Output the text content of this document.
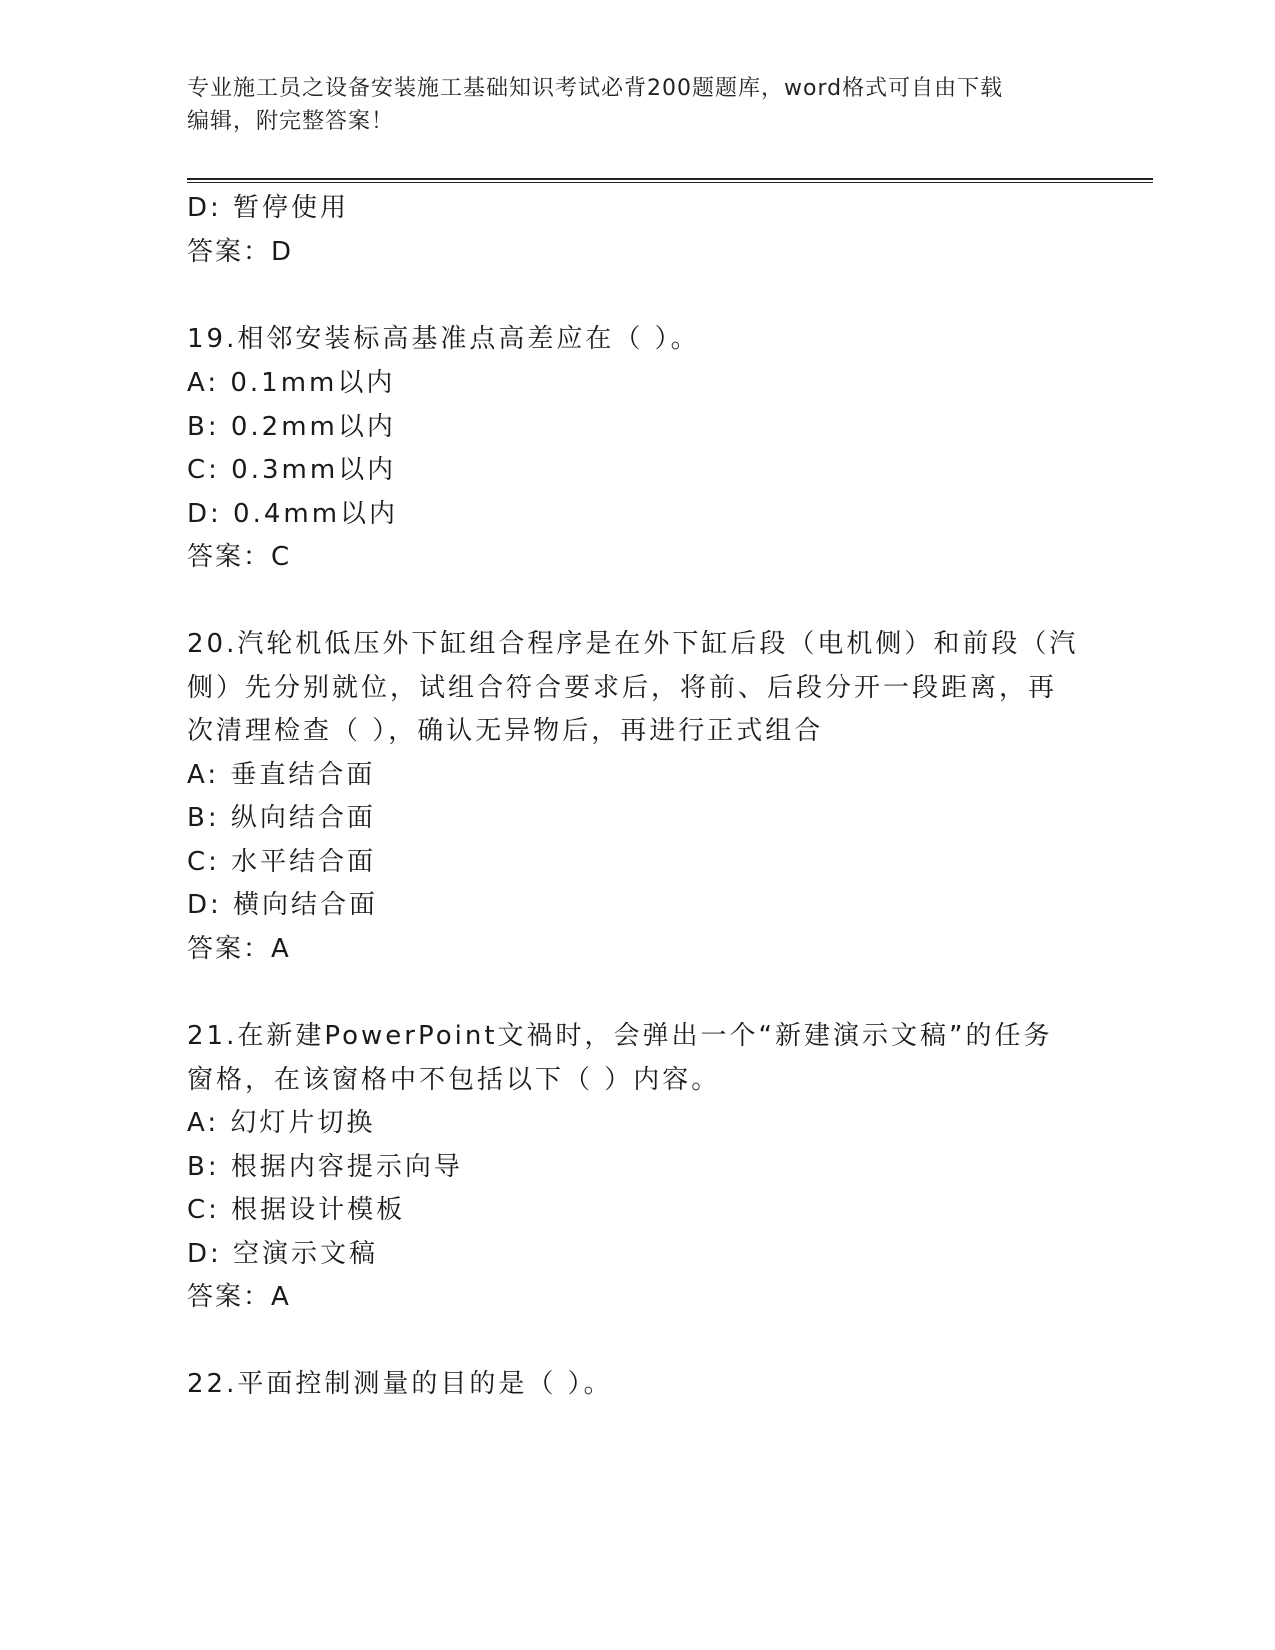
专业施工员之设备安装施工基础知识考试必背200题题库，word格式可自由下载
编辑，附完整答案！
D: 暂停使用
答案：D
19.相邻安装标高基准点高差应在（ ）。
A: 0.1mm以内
B: 0.2mm以内
C: 0.3mm以内
D: 0.4mm以内
答案：C
20.汽轮机低压外下缸组合程序是在外下缸后段（电机侧）和前段（汽
侧）先分别就位，试组合符合要求后，将前、后段分开一段距离，再
次清理检查（ ），确认无异物后，再进行正式组合
A: 垂直结合面
B: 纵向结合面
C: 水平结合面
D: 横向结合面
答案：A
21.在新建PowerPoint文禍时，会弹出一个“新建演示文稿”的任务
窗格，在该窗格中不包括以下（ ）内容。
A: 幻灯片切换
B: 根据内容提示向导
C: 根据设计模板
D: 空演示文稿
答案：A
22.平面控制测量的目的是（ ）。
